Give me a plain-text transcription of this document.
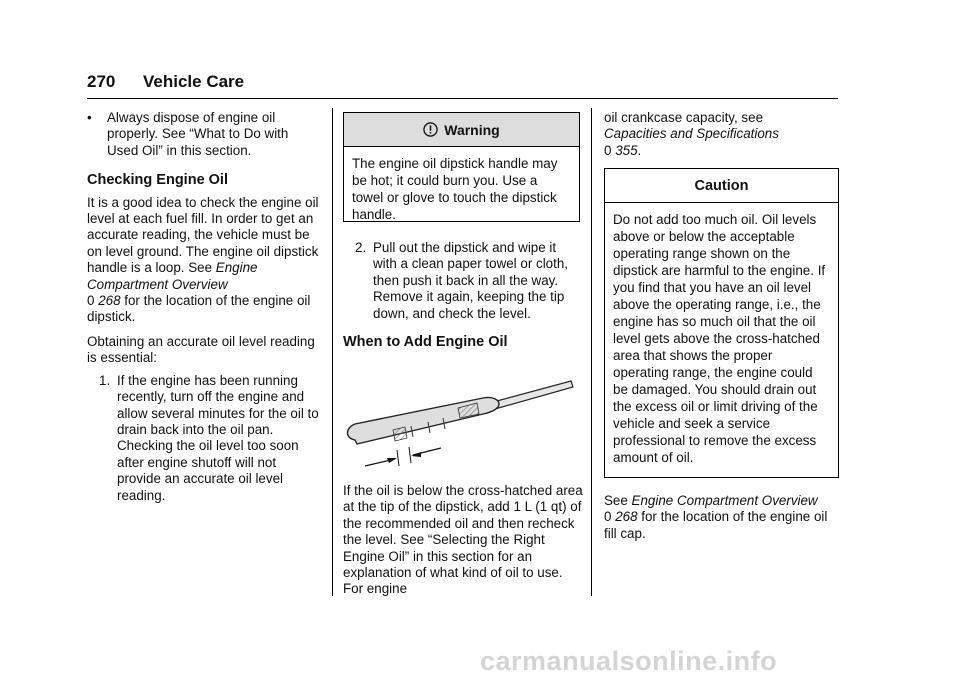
270 Vehicle Care
• Always dispose of engine oil properly. See “What to Do with Used Oil” in this section.
Checking Engine Oil

It is a good idea to check the engine oil level at each fuel fill. In order to get an accurate reading, the vehicle must be on level ground. The engine oil dipstick handle is a loop. See Engine Compartment Overview
0 268 for the location of the engine oil dipstick.

Obtaining an accurate oil level reading is essential:

1. If the engine has been running recently, turn off the engine and allow several minutes for the oil to drain back into the oil pan. Checking the oil level too soon after engine shutoff will not provide an accurate oil level reading.
Warning
The engine oil dipstick handle may be hot; it could burn you. Use a towel or glove to touch the dipstick handle.
2. Pull out the dipstick and wipe it with a clean paper towel or cloth, then push it back in all the way. Remove it again, keeping the tip down, and check the level.
When to Add Engine Oil

If the oil is below the cross-hatched area at the tip of the dipstick, add 1 L (1 qt) of the recommended oil and then recheck the level. See “Selecting the Right Engine Oil” in this section for an explanation of what kind of oil to use. For engine

oil crankcase capacity, see
Capacities and Specifications
0 355.

Caution
Do not add too much oil. Oil levels above or below the acceptable operating range shown on the dipstick are harmful to the engine. If you find that you have an oil level above the operating range, i.e., the engine has so much oil that the oil level gets above the cross-hatched area that shows the proper operating range, the engine could be damaged. You should drain out the excess oil or limit driving of the vehicle and seek a service professional to remove the excess amount of oil.

See Engine Compartment Overview
0 268 for the location of the engine oil fill cap.

carmanualsonline.info
